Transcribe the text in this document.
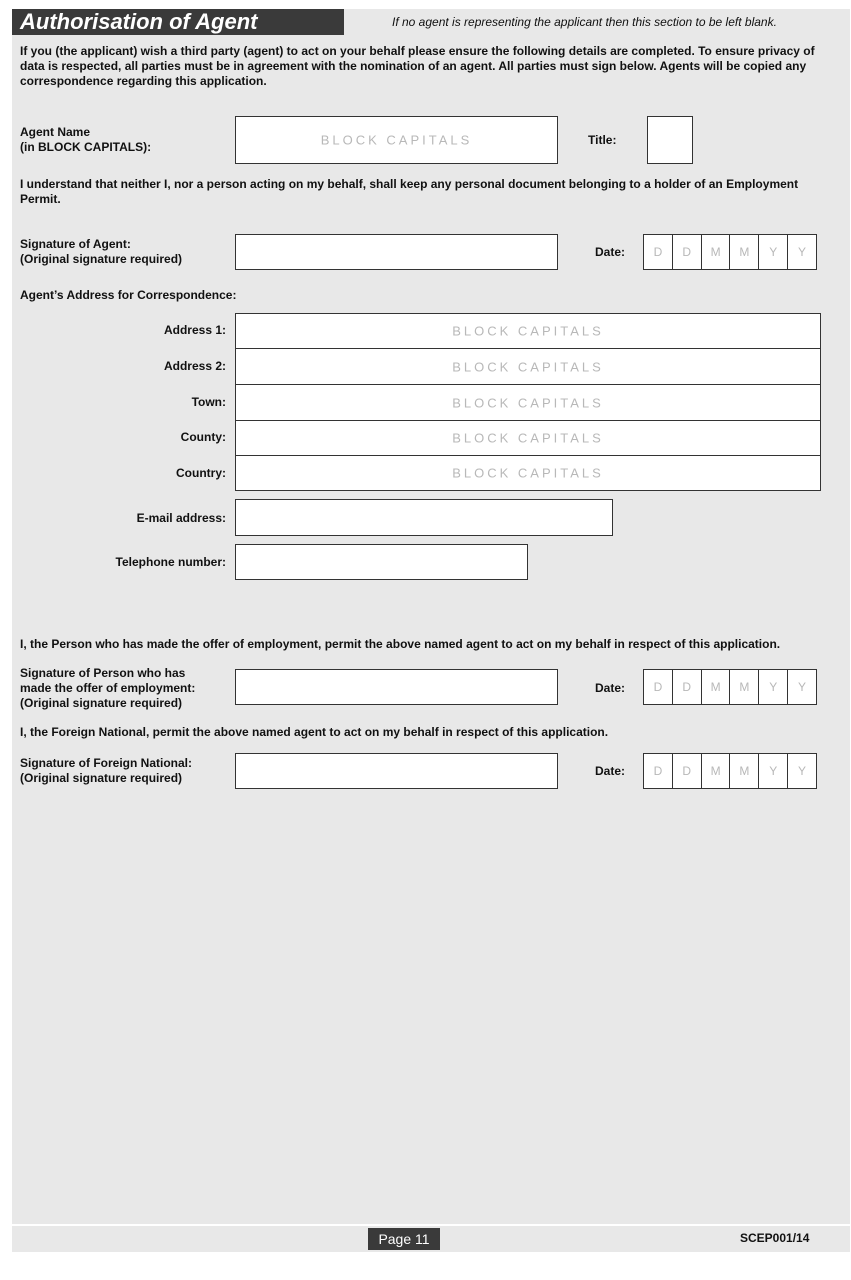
Authorisation of Agent	If no agent is representing the applicant then this section to be left blank.
If you (the applicant) wish a third party (agent) to act on your behalf please ensure the following details are completed. To ensure privacy of data is respected, all parties must be in agreement with the nomination of an agent. All parties must sign below. Agents will be copied any correspondence regarding this application.
Agent Name
(in BLOCK CAPITALS):	BLOCK CAPITALS	Title:
I understand that neither I, nor a person acting on my behalf, shall keep any personal document belonging to a holder of an Employment Permit.
Signature of Agent:
(Original signature required)	Date:	D	D	M	M	Y	Y
Agent’s Address for Correspondence:
Address 1:	BLOCK CAPITALS
Address 2:	BLOCK CAPITALS
Town:	BLOCK CAPITALS
County:	BLOCK CAPITALS
Country:	BLOCK CAPITALS
E-mail address:
Telephone number:
I, the Person who has made the offer of employment, permit the above named agent to act on my behalf in respect of this application.
Signature of Person who has
made the offer of employment:
(Original signature required)
Date:	D	D	M	M	Y	Y
I, the Foreign National, permit the above named agent to act on my behalf in respect of this application.
Signature of Foreign National:
(Original signature required)	Date:	D	D	M	M	Y	Y
Page 11	SCEP001/14
